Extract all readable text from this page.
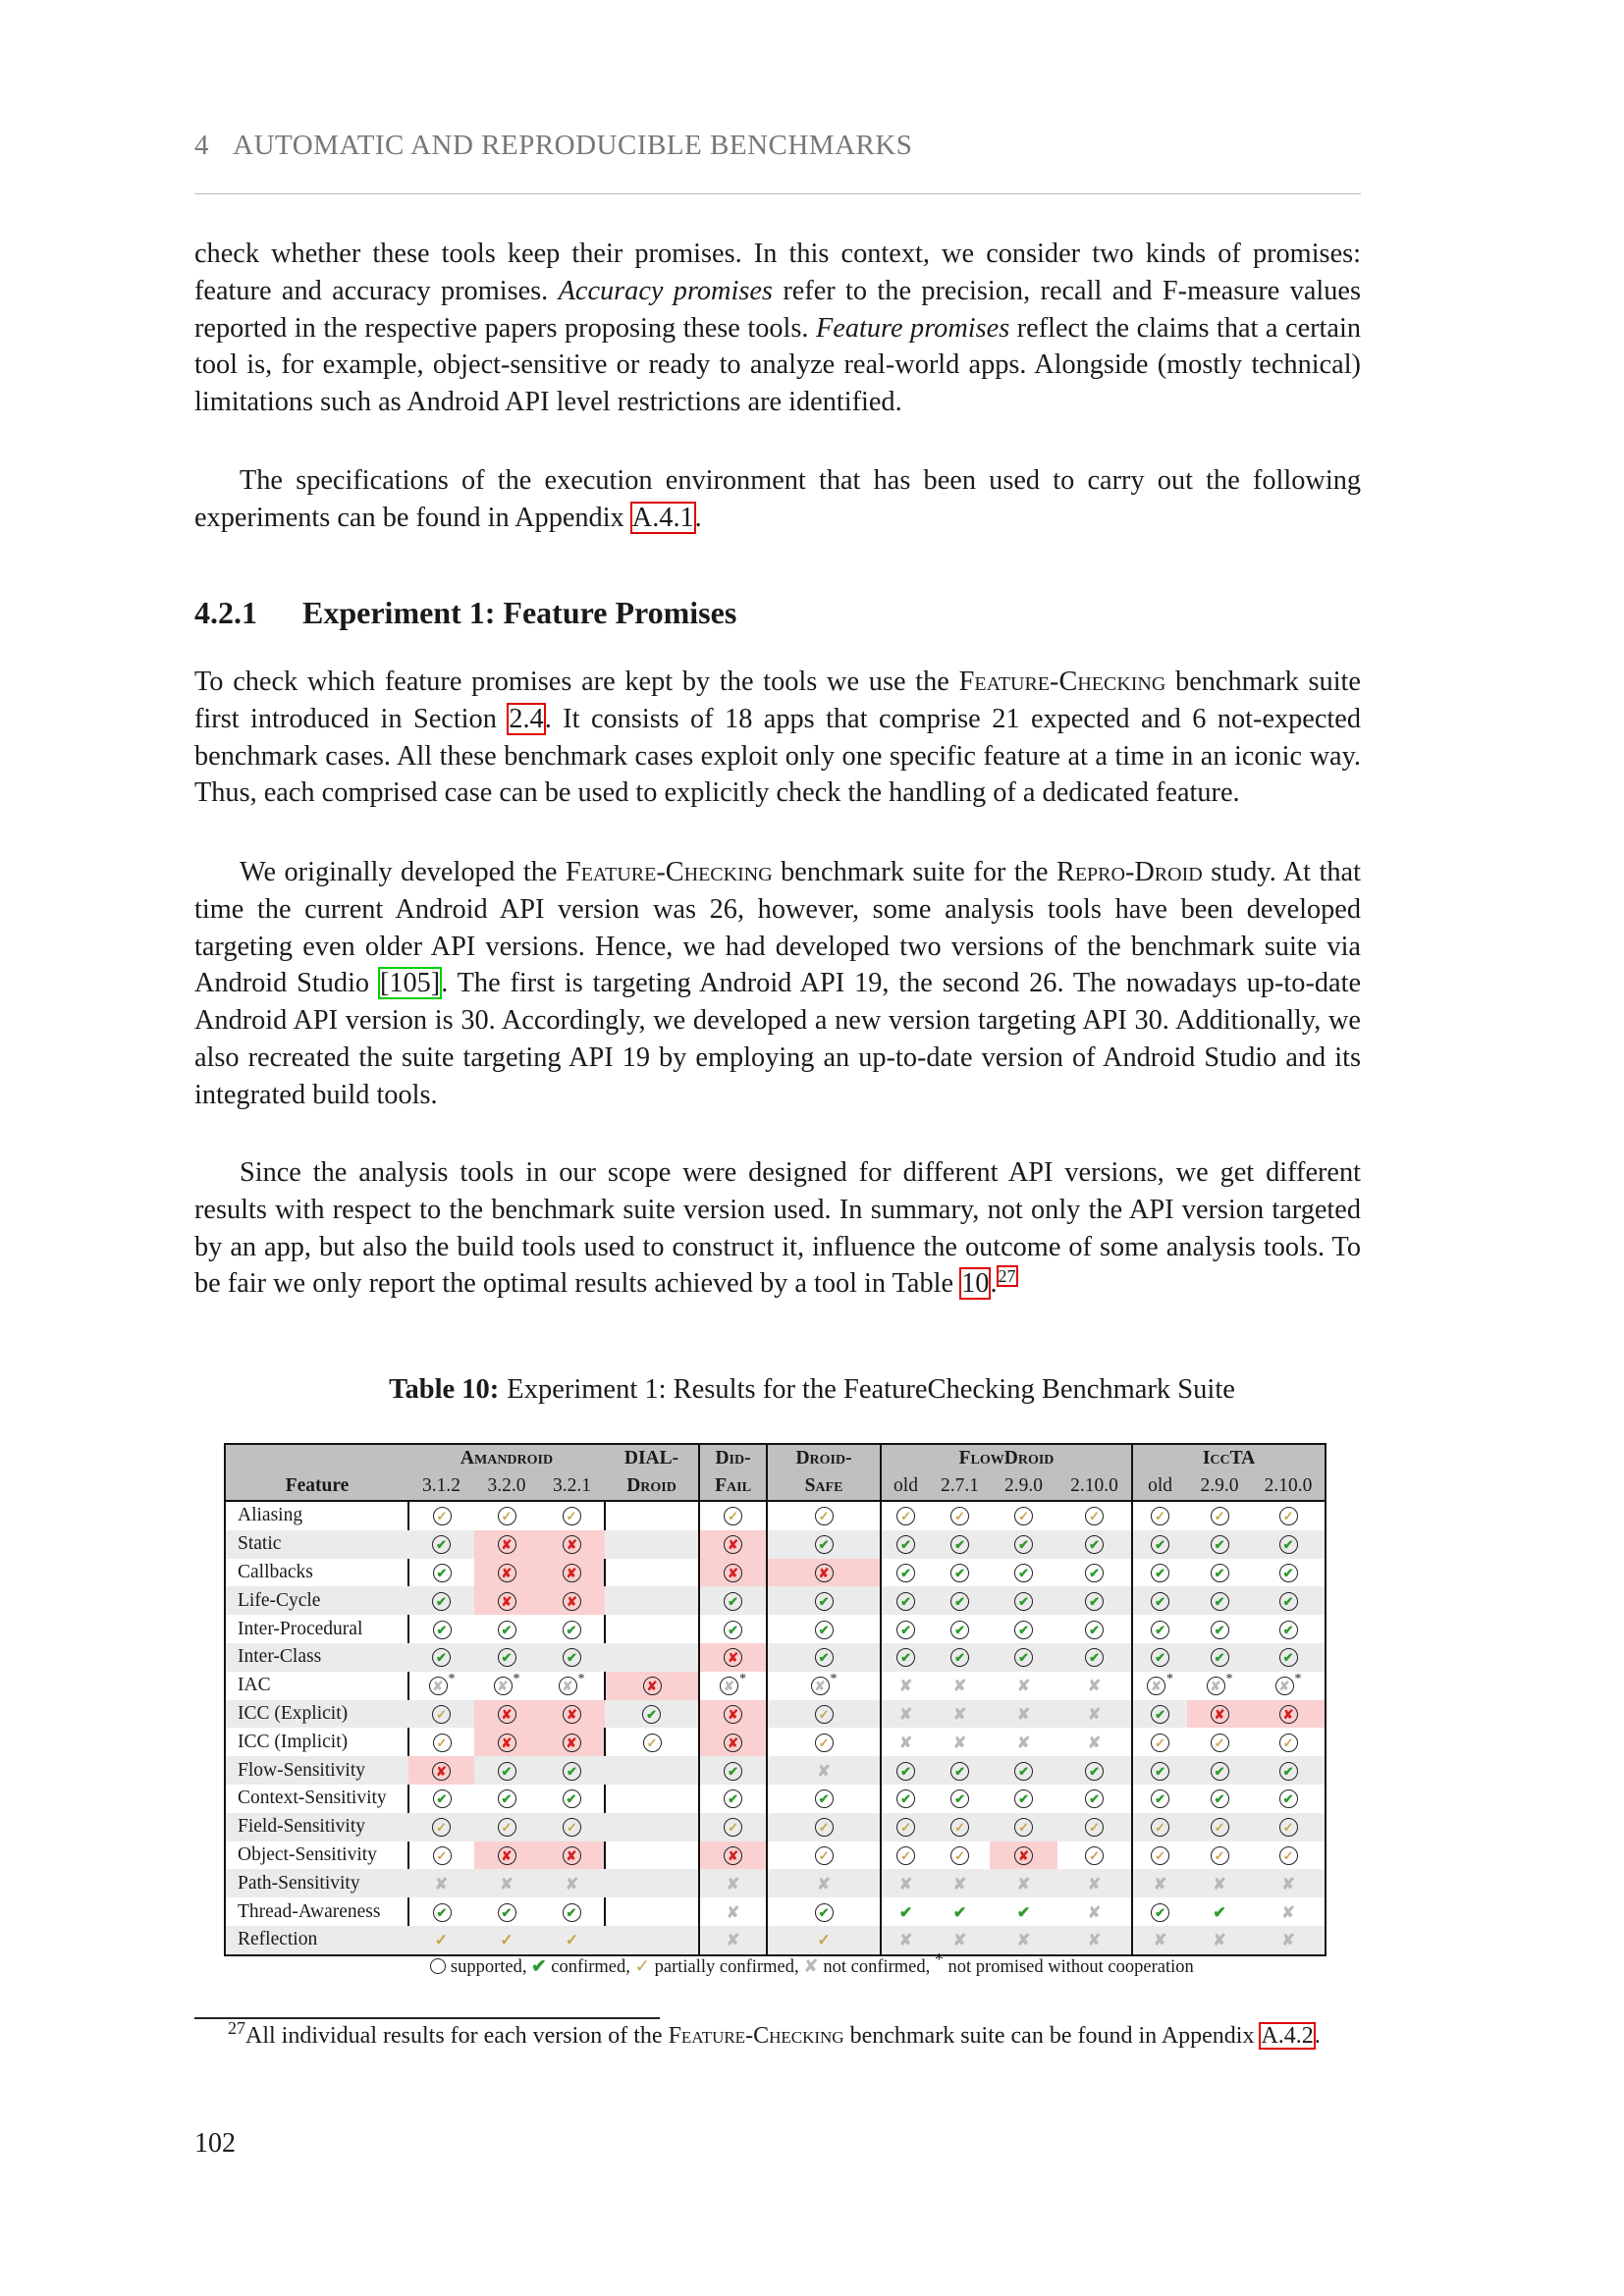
4 AUTOMATIC AND REPRODUCIBLE BENCHMARKS
check whether these tools keep their promises. In this context, we consider two kinds of promises: feature and accuracy promises. Accuracy promises refer to the precision, recall and F-measure values reported in the respective papers proposing these tools. Feature promises reflect the claims that a certain tool is, for example, object-sensitive or ready to analyze real-world apps. Alongside (mostly technical) limitations such as Android API level restrictions are identified.
The specifications of the execution environment that has been used to carry out the following experiments can be found in Appendix A.4.1.
4.2.1 Experiment 1: Feature Promises
To check which feature promises are kept by the tools we use the Feature-Checking benchmark suite first introduced in Section 2.4. It consists of 18 apps that comprise 21 expected and 6 not-expected benchmark cases. All these benchmark cases exploit only one specific feature at a time in an iconic way. Thus, each comprised case can be used to explicitly check the handling of a dedicated feature.
We originally developed the Feature-Checking benchmark suite for the Repro-Droid study. At that time the current Android API version was 26, however, some analysis tools have been developed targeting even older API versions. Hence, we had developed two versions of the benchmark suite via Android Studio [105]. The first is targeting Android API 19, the second 26. The nowadays up-to-date Android API version is 30. Accordingly, we developed a new version targeting API 30. Additionally, we also recreated the suite targeting API 19 by employing an up-to-date version of Android Studio and its integrated build tools.
Since the analysis tools in our scope were designed for different API versions, we get different results with respect to the benchmark suite version used. In summary, not only the API version targeted by an app, but also the build tools used to construct it, influence the outcome of some analysis tools. To be fair we only report the optimal results achieved by a tool in Table 10.27
Table 10: Experiment 1: Results for the FeatureChecking Benchmark Suite
	Amandroid			DIAL-	Did-	Droid-	FlowDroid				IccTA		
Feature	3.1.2	3.2.0	3.2.1	Droid	Fail	Safe	old	2.7.1	2.9.0	2.10.0	old	2.9.0	2.10.0
Aliasing	✓	✓	✓		✓	✓	✓	✓	✓	✓	✓	✓	✓
Static	✔	✘	✘		✘	✔	✔	✔	✔	✔	✔	✔	✔
Callbacks	✔	✘	✘		✘	✘	✔	✔	✔	✔	✔	✔	✔
Life-Cycle	✔	✘	✘		✔	✔	✔	✔	✔	✔	✔	✔	✔
Inter-Procedural	✔	✔	✔		✔	✔	✔	✔	✔	✔	✔	✔	✔
Inter-Class	✔	✔	✔		✘	✔	✔	✔	✔	✔	✔	✔	✔
IAC	✘ *	✘ *	✘ *	✘	✘ *	✘ *	✘	✘	✘	✘	✘ *	✘ *	✘ *
ICC (Explicit)	✓	✘	✘	✔	✘	✓	✘	✘	✘	✘	✔	✘	✘
ICC (Implicit)	✓	✘	✘	✓	✘	✓	✘	✘	✘	✘	✓	✓	✓
Flow-Sensitivity	✘	✔	✔		✔	✘	✔	✔	✔	✔	✔	✔	✔
Context-Sensitivity	✔	✔	✔		✔	✔	✔	✔	✔	✔	✔	✔	✔
Field-Sensitivity	✓	✓	✓		✓	✓	✓	✓	✓	✓	✓	✓	✓
Object-Sensitivity	✓	✘	✘		✘	✓	✓	✓	✘	✓	✓	✓	✓
Path-Sensitivity	✘	✘	✘		✘	✘	✘	✘	✘	✘	✘	✘	✘
Thread-Awareness	✔	✔	✔		✘	✔	✔	✔	✔	✘	✔	✔	✘
Reflection	✓	✓	✓		✘	✓	✘	✘	✘	✘	✘	✘	✘
supported, ✔ confirmed, ✓ partially confirmed, ✘ not confirmed, * not promised without cooperation
$^{27}$All individual results for each version of the Feature-Checking benchmark suite can be found in Appendix A.4.2.
102
